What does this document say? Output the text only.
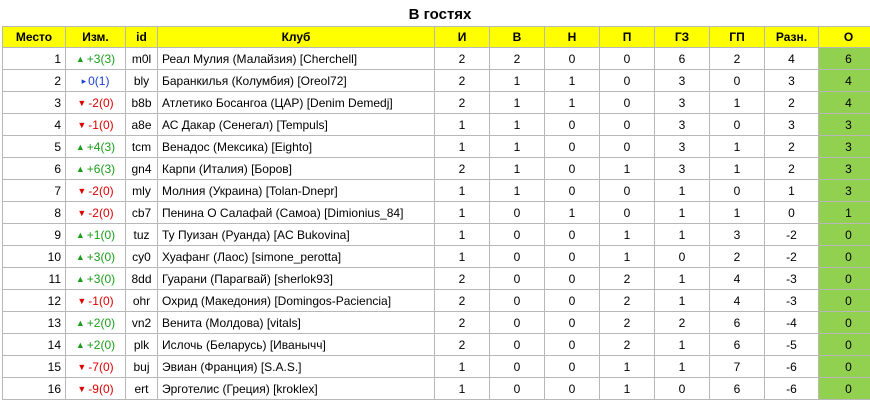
В гостях
Место	Изм.	id	Клуб	И	В	Н	П	ГЗ	ГП	Разн.	О
1	▲ +3(3)	m0l	Реал Мулия (Малайзия) [Cherchell]	2	2	0	0	6	2	4	6
2	▸ 0(1)	bly	Баранкилья (Колумбия) [Oreol72]	2	1	1	0	3	0	3	4
3	▼ -2(0)	b8b	Атлетико Босангоа (ЦАР) [Denim Demedj]	2	1	1	0	3	1	2	4
4	▼ -1(0)	a8e	АС Дакар (Сенегал) [Tempuls]	1	1	0	0	3	0	3	3
5	▲ +4(3)	tcm	Венадос (Мексика) [Eighto]	1	1	0	0	3	1	2	3
6	▲ +6(3)	gn4	Карпи (Италия) [Боров]	2	1	0	1	3	1	2	3
7	▼ -2(0)	mly	Молния (Украина) [Tolan-Dnepr]	1	1	0	0	1	0	1	3
8	▼ -2(0)	cb7	Пенина О Салафай (Самоа) [Dimionius_84]	1	0	1	0	1	1	0	1
9	▲ +1(0)	tuz	Ту Пуизан (Руанда) [AC Bukovina]	1	0	0	1	1	3	-2	0
10	▲ +3(0)	cy0	Хуафанг (Лаос) [simone_perotta]	1	0	0	1	0	2	-2	0
11	▲ +3(0)	8dd	Гуарани (Парагвай) [sherlok93]	2	0	0	2	1	4	-3	0
12	▼ -1(0)	ohr	Охрид (Македония) [Domingos-Paciencia]	2	0	0	2	1	4	-3	0
13	▲ +2(0)	vn2	Венита (Молдова) [vitals]	2	0	0	2	2	6	-4	0
14	▲ +2(0)	plk	Ислочь (Беларусь) [Иванычч]	2	0	0	2	1	6	-5	0
15	▼ -7(0)	buj	Эвиан (Франция) [S.A.S.]	1	0	0	1	1	7	-6	0
16	▼ -9(0)	ert	Эрготелис (Греция) [kroklex]	1	0	0	1	0	6	-6	0
